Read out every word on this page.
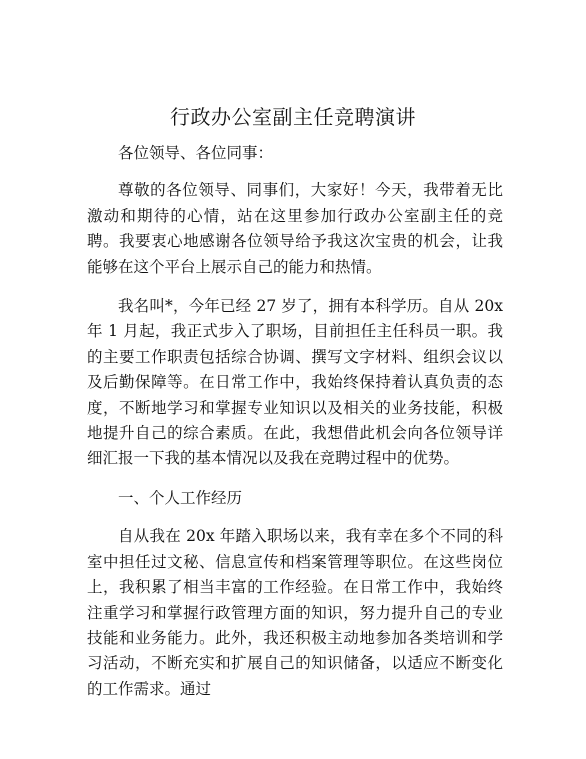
行政办公室副主任竞聘演讲

各位领导、各位同事：

尊敬的各位领导、同事们，大家好！今天，我带着无比激动和期待的心情，站在这里参加行政办公室副主任的竞聘。我要衷心地感谢各位领导给予我这次宝贵的机会，让我能够在这个平台上展示自己的能力和热情。

我名叫*，今年已经 27 岁了，拥有本科学历。自从 20x 年 1 月起，我正式步入了职场，目前担任主任科员一职。我的主要工作职责包括综合协调、撰写文字材料、组织会议以及后勤保障等。在日常工作中，我始终保持着认真负责的态度，不断地学习和掌握专业知识以及相关的业务技能，积极地提升自己的综合素质。在此，我想借此机会向各位领导详细汇报一下我的基本情况以及我在竞聘过程中的优势。

一、个人工作经历

自从我在 20x 年踏入职场以来，我有幸在多个不同的科室中担任过文秘、信息宣传和档案管理等职位。在这些岗位上，我积累了相当丰富的工作经验。在日常工作中，我始终注重学习和掌握行政管理方面的知识，努力提升自己的专业技能和业务能力。此外，我还积极主动地参加各类培训和学习活动，不断充实和扩展自己的知识储备，以适应不断变化的工作需求。通过
